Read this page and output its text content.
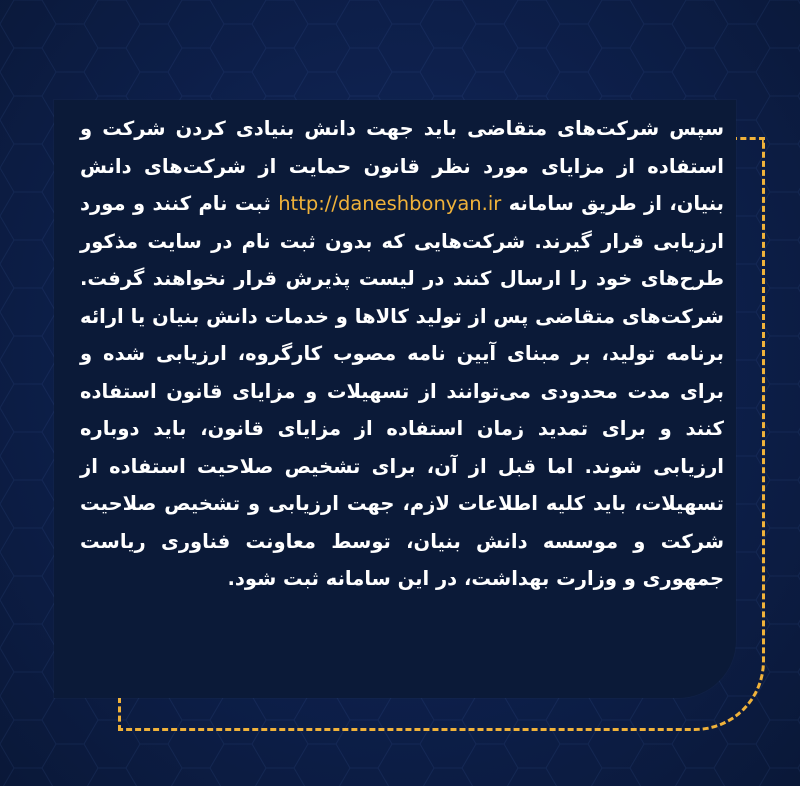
سپس شرکت‌های متقاضی باید جهت دانش بنیادی کردن شرکت و استفاده از مزایای مورد نظر قانون حمایت از شرکت‌های دانش بنیان، از طریق سامانه http://daneshbonyan.ir ثبت نام کنند و مورد ارزیابی قرار گیرند. شرکت‌هایی که بدون ثبت نام در سایت مذکور طرح‌های خود را ارسال کنند در لیست پذیرش قرار نخواهند گرفت. شرکت‌های متقاضی پس از تولید کالاها و خدمات دانش بنیان یا ارائه برنامه تولید، بر مبنای آیین نامه مصوب کارگروه، ارزیابی شده و برای مدت محدودی می‌توانند از تسهیلات و مزایای قانون استفاده کنند و برای تمدید زمان استفاده از مزایای قانون، باید دوباره ارزیابی شوند. اما قبل از آن، برای تشخیص صلاحیت استفاده از تسهیلات، باید کلیه اطلاعات لازم، جهت ارزیابی و تشخیص صلاحیت شرکت و موسسه دانش بنیان، توسط معاونت فناوری ریاست جمهوری و وزارت بهداشت، در این سامانه ثبت شود.
